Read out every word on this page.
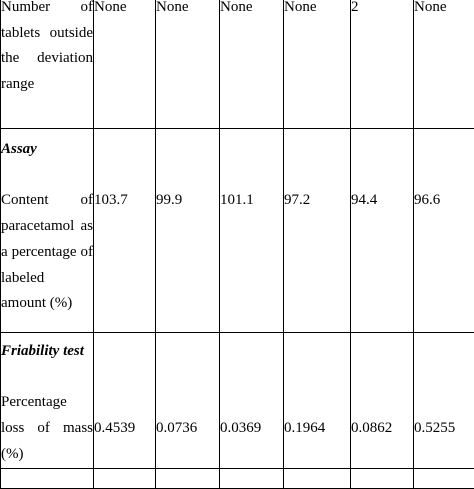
Number of tablets outside the deviation range	None	None	None	None	2	None

Assay
Content of paracetamol as a percentage of labeled amount (%)	103.7	99.9	101.1	97.2	94.4	96.6

Friability test
Percentage loss of mass (%)	0.4539	0.0736	0.0369	0.1964	0.0862	0.5255
